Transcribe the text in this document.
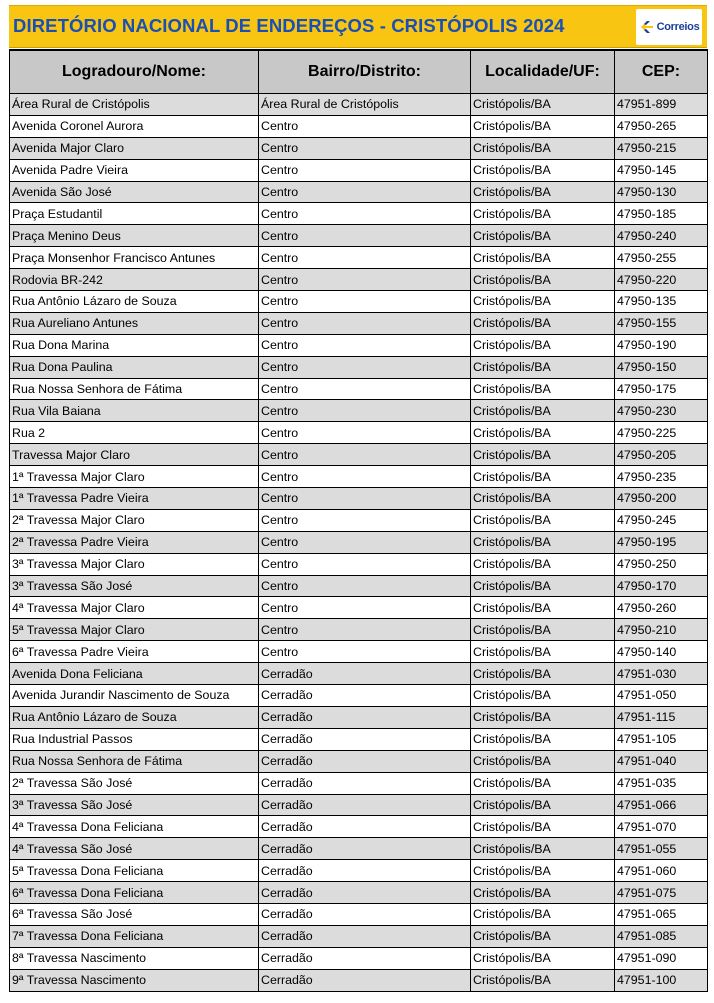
DIRETÓRIO NACIONAL DE ENDEREÇOS - CRISTÓPOLIS 2024	Correios
Logradouro/Nome:	Bairro/Distrito:	Localidade/UF:	CEP:
Área Rural de Cristópolis	Área Rural de Cristópolis	Cristópolis/BA	47951-899
Avenida Coronel Aurora	Centro	Cristópolis/BA	47950-265
Avenida Major Claro	Centro	Cristópolis/BA	47950-215
Avenida Padre Vieira	Centro	Cristópolis/BA	47950-145
Avenida São José	Centro	Cristópolis/BA	47950-130
Praça Estudantil	Centro	Cristópolis/BA	47950-185
Praça Menino Deus	Centro	Cristópolis/BA	47950-240
Praça Monsenhor Francisco Antunes	Centro	Cristópolis/BA	47950-255
Rodovia BR-242	Centro	Cristópolis/BA	47950-220
Rua Antônio Lázaro de Souza	Centro	Cristópolis/BA	47950-135
Rua Aureliano Antunes	Centro	Cristópolis/BA	47950-155
Rua Dona Marina	Centro	Cristópolis/BA	47950-190
Rua Dona Paulina	Centro	Cristópolis/BA	47950-150
Rua Nossa Senhora de Fátima	Centro	Cristópolis/BA	47950-175
Rua Vila Baiana	Centro	Cristópolis/BA	47950-230
Rua 2	Centro	Cristópolis/BA	47950-225
Travessa Major Claro	Centro	Cristópolis/BA	47950-205
1ª Travessa Major Claro	Centro	Cristópolis/BA	47950-235
1ª Travessa Padre Vieira	Centro	Cristópolis/BA	47950-200
2ª Travessa Major Claro	Centro	Cristópolis/BA	47950-245
2ª Travessa Padre Vieira	Centro	Cristópolis/BA	47950-195
3ª Travessa Major Claro	Centro	Cristópolis/BA	47950-250
3ª Travessa São José	Centro	Cristópolis/BA	47950-170
4ª Travessa Major Claro	Centro	Cristópolis/BA	47950-260
5ª Travessa Major Claro	Centro	Cristópolis/BA	47950-210
6ª Travessa Padre Vieira	Centro	Cristópolis/BA	47950-140
Avenida Dona Feliciana	Cerradão	Cristópolis/BA	47951-030
Avenida Jurandir Nascimento de Souza	Cerradão	Cristópolis/BA	47951-050
Rua Antônio Lázaro de Souza	Cerradão	Cristópolis/BA	47951-115
Rua Industrial Passos	Cerradão	Cristópolis/BA	47951-105
Rua Nossa Senhora de Fátima	Cerradão	Cristópolis/BA	47951-040
2ª Travessa São José	Cerradão	Cristópolis/BA	47951-035
3ª Travessa São José	Cerradão	Cristópolis/BA	47951-066
4ª Travessa Dona Feliciana	Cerradão	Cristópolis/BA	47951-070
4ª Travessa São José	Cerradão	Cristópolis/BA	47951-055
5ª Travessa Dona Feliciana	Cerradão	Cristópolis/BA	47951-060
6ª Travessa Dona Feliciana	Cerradão	Cristópolis/BA	47951-075
6ª Travessa São José	Cerradão	Cristópolis/BA	47951-065
7ª Travessa Dona Feliciana	Cerradão	Cristópolis/BA	47951-085
8ª Travessa Nascimento	Cerradão	Cristópolis/BA	47951-090
9ª Travessa Nascimento	Cerradão	Cristópolis/BA	47951-100
